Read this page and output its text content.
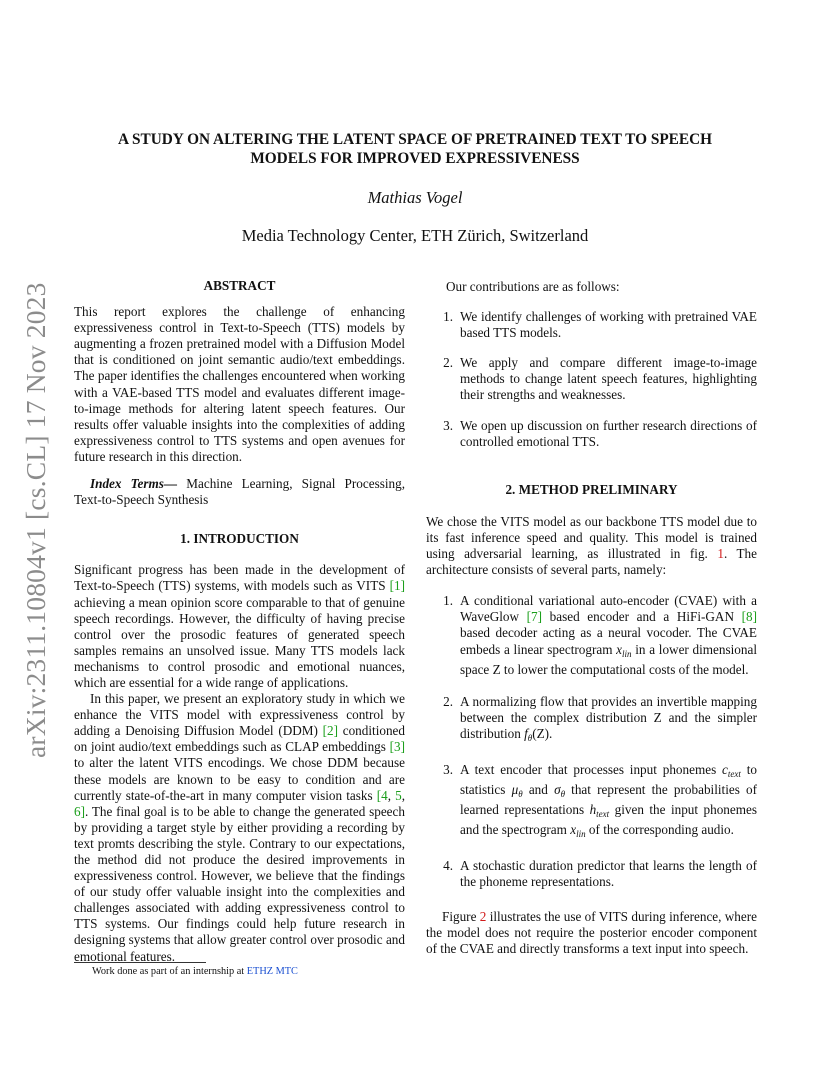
arXiv:2311.10804v1 [cs.CL] 17 Nov 2023
A STUDY ON ALTERING THE LATENT SPACE OF PRETRAINED TEXT TO SPEECH
MODELS FOR IMPROVED EXPRESSIVENESS
Mathias Vogel
Media Technology Center, ETH Zürich, Switzerland
ABSTRACT

This report explores the challenge of enhancing expressiveness control in Text-to-Speech (TTS) models by augmenting a frozen pretrained model with a Diffusion Model that is conditioned on joint semantic audio/text embeddings. The paper identifies the challenges encountered when working with a VAE-based TTS model and evaluates different image-to-image methods for altering latent speech features. Our results offer valuable insights into the complexities of adding expressiveness control to TTS systems and open avenues for future research in this direction.

Index Terms— Machine Learning, Signal Processing, Text-to-Speech Synthesis

1. INTRODUCTION

Significant progress has been made in the development of Text-to-Speech (TTS) systems, with models such as VITS [1] achieving a mean opinion score comparable to that of genuine speech recordings. However, the difficulty of having precise control over the prosodic features of generated speech samples remains an unsolved issue. Many TTS models lack mechanisms to control prosodic and emotional nuances, which are essential for a wide range of applications.

In this paper, we present an exploratory study in which we enhance the VITS model with expressiveness control by adding a Denoising Diffusion Model (DDM) [2] conditioned on joint audio/text embeddings such as CLAP embeddings [3] to alter the latent VITS encodings. We chose DDM because these models are known to be easy to condition and are currently state-of-the-art in many computer vision tasks [4, 5, 6]. The final goal is to be able to change the generated speech by providing a target style by either providing a recording by text promts describing the style. Contrary to our expectations, the method did not produce the desired improvements in expressiveness control. However, we believe that the findings of our study offer valuable insight into the complexities and challenges associated with adding expressiveness control to TTS systems. Our findings could help future research in designing systems that allow greater control over prosodic and emotional features.

Work done as part of an internship at ETHZ MTC

Our contributions are as follows:

1. We identify challenges of working with pretrained VAE based TTS models.
2. We apply and compare different image-to-image methods to change latent speech features, highlighting their strengths and weaknesses.
3. We open up discussion on further research directions of controlled emotional TTS.
2. METHOD PRELIMINARY

We chose the VITS model as our backbone TTS model due to its fast inference speed and quality. This model is trained using adversarial learning, as illustrated in fig. 1. The architecture consists of several parts, namely:

1. A conditional variational auto-encoder (CVAE) with a WaveGlow [7] based encoder and a HiFi-GAN [8] based decoder acting as a neural vocoder. The CVAE embeds a linear spectrogram $x_{lin}$ in a lower dimensional space Z to lower the computational costs of the model.
2. A normalizing flow that provides an invertible mapping between the complex distribution Z and the simpler distribution $f_\theta(Z)$.
3. A text encoder that processes input phonemes $c_{text}$ to statistics $\mu_\theta$ and $\sigma_\theta$ that represent the probabilities of learned representations $h_{text}$ given the input phonemes and the spectrogram $x_{lin}$ of the corresponding audio.
4. A stochastic duration predictor that learns the length of the phoneme representations.

Figure 2 illustrates the use of VITS during inference, where the model does not require the posterior encoder component of the CVAE and directly transforms a text input into speech.
